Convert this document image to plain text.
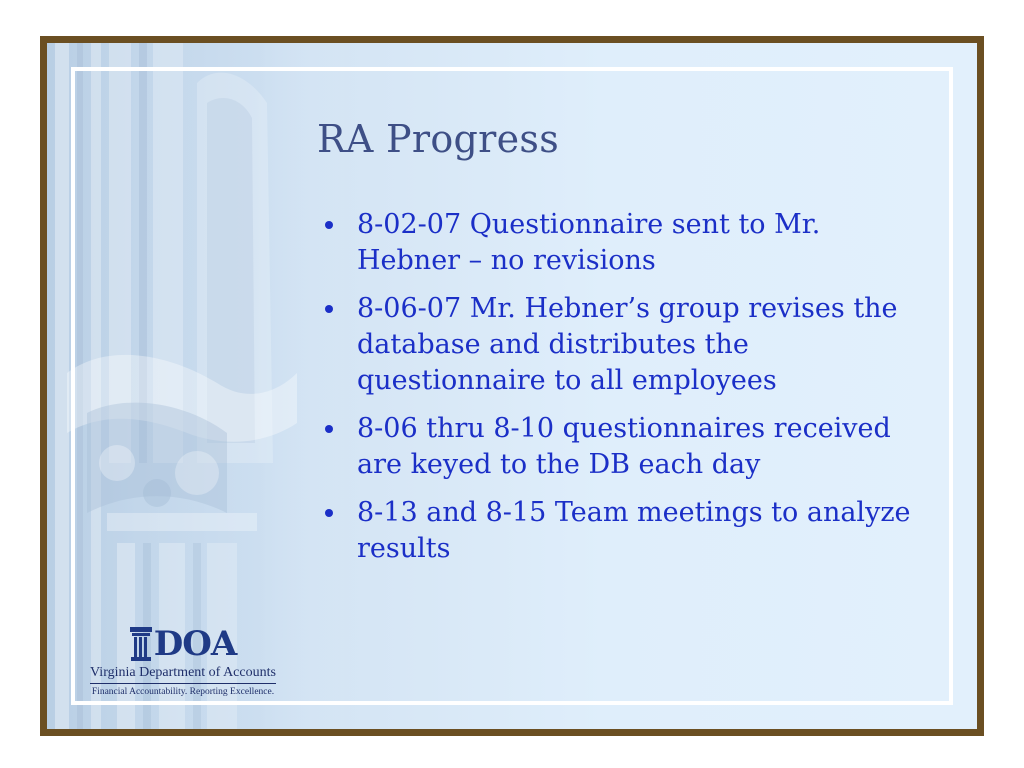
RA Progress
8-02-07 Questionnaire sent to Mr. Hebner – no revisions
8-06-07 Mr. Hebner’s group revises the database and distributes the questionnaire to all employees
8-06 thru 8-10 questionnaires received are keyed to the DB each day
8-13 and 8-15 Team meetings to analyze results
DOA
Virginia Department of Accounts
Financial Accountability. Reporting Excellence.
